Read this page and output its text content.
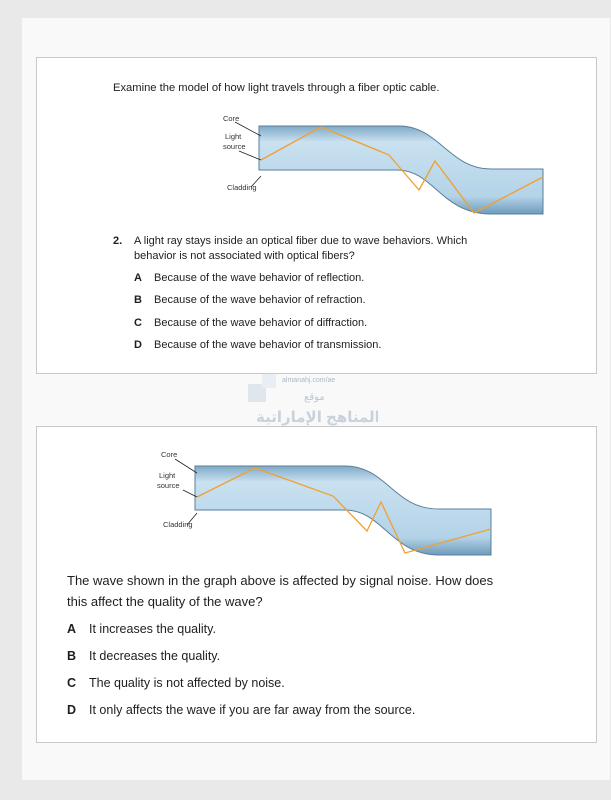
Examine the model of how light travels through a fiber optic cable.
Core
Light
source
Cladding
2. A light ray stays inside an optical fiber due to wave behaviors. Which
behavior is not associated with optical fibers?
A Because of the wave behavior of reflection.
B Because of the wave behavior of refraction.
C Because of the wave behavior of diffraction.
D Because of the wave behavior of transmission.
almanahj.com/ae
موقع
المناهج الإماراتية
Core
Light
source
Cladding
The wave shown in the graph above is affected by signal noise. How does
this affect the quality of the wave?
A It increases the quality.
B It decreases the quality.
C The quality is not affected by noise.
D It only affects the wave if you are far away from the source.
